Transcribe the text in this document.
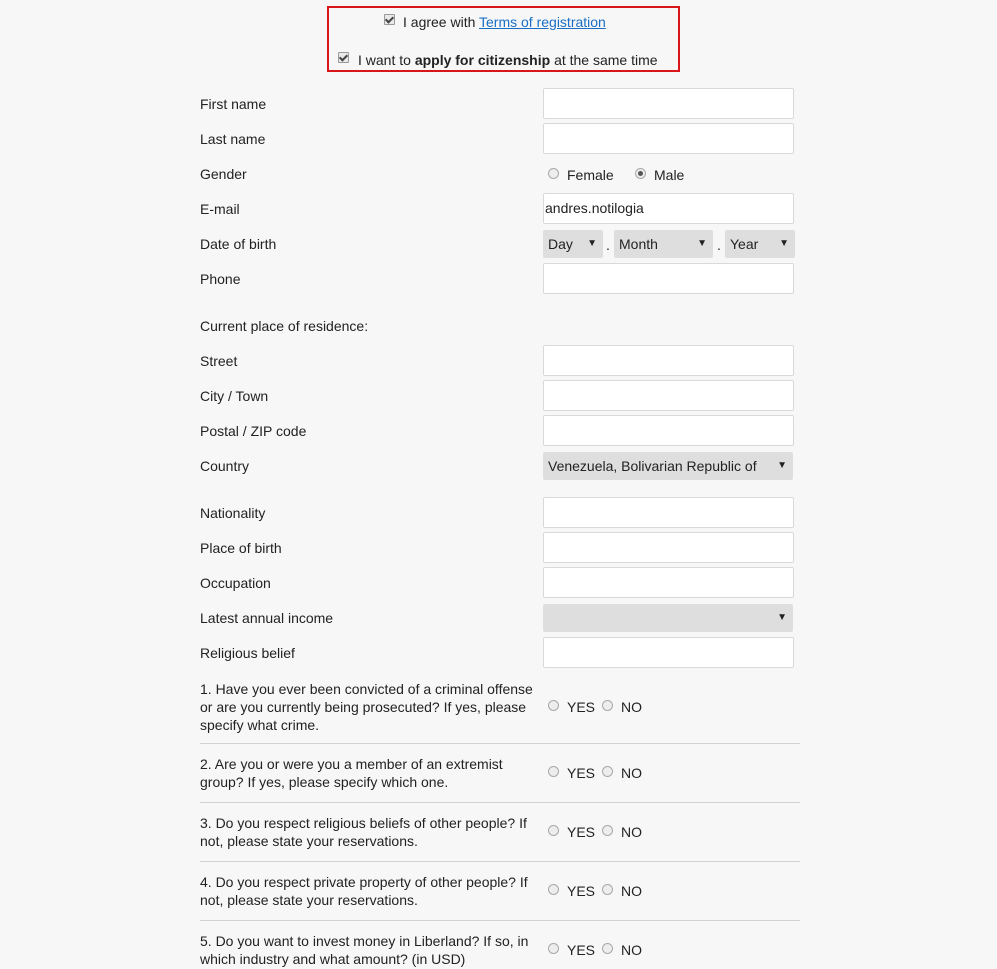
I agree with Terms of registration
I want to apply for citizenship at the same time
First name
Last name
Gender	Female	Male
E-mail	andres.notilogia
Date of birth	Day ▼ . Month	▼ . Year ▼
Phone
Current place of residence:
Street
City / Town
Postal / ZIP code
Country	Venezuela, Bolivarian Republic of ▼
Nationality
Place of birth
Occupation
Latest annual income	▼
Religious belief
1. Have you ever been convicted of a criminal offense or are you currently being prosecuted? If yes, please specify what crime.
YES NO
2. Are you or were you a member of an extremist group? If yes, please specify which one.
YES NO
3. Do you respect religious beliefs of other people? If not, please state your reservations.
YES NO
4. Do you respect private property of other people? If not, please state your reservations.
YES NO
5. Do you want to invest money in Liberland? If so, in which industry and what amount? (in USD)
YES NO
